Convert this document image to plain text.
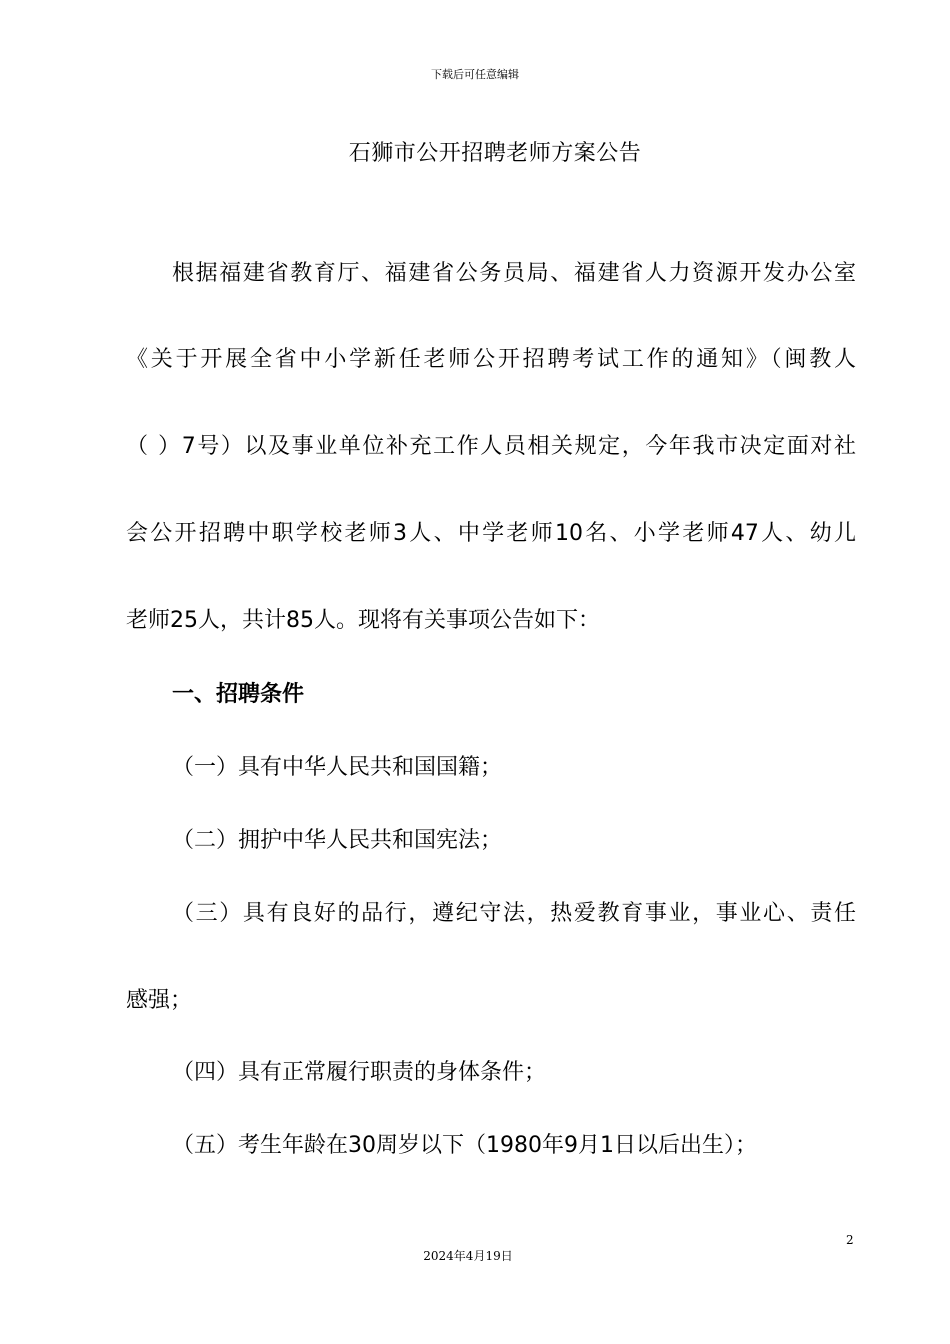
下载后可任意编辑
石狮市公开招聘老师方案公告
根据福建省教育厅、福建省公务员局、福建省人力资源开发办公室
《关于开展全省中小学新任老师公开招聘考试工作的通知》（闽教人
（ ）7号）以及事业单位补充工作人员相关规定，今年我市决定面对社
会公开招聘中职学校老师3人、中学老师10名、小学老师47人、幼儿
老师25人，共计85人。现将有关事项公告如下：
一、招聘条件
（一）具有中华人民共和国国籍；
（二）拥护中华人民共和国宪法；
（三）具有良好的品行，遵纪守法，热爱教育事业，事业心、责任
感强；
（四）具有正常履行职责的身体条件；
（五）考生年龄在30周岁以下（1980年9月1日以后出生）；
2
2024年4月19日
